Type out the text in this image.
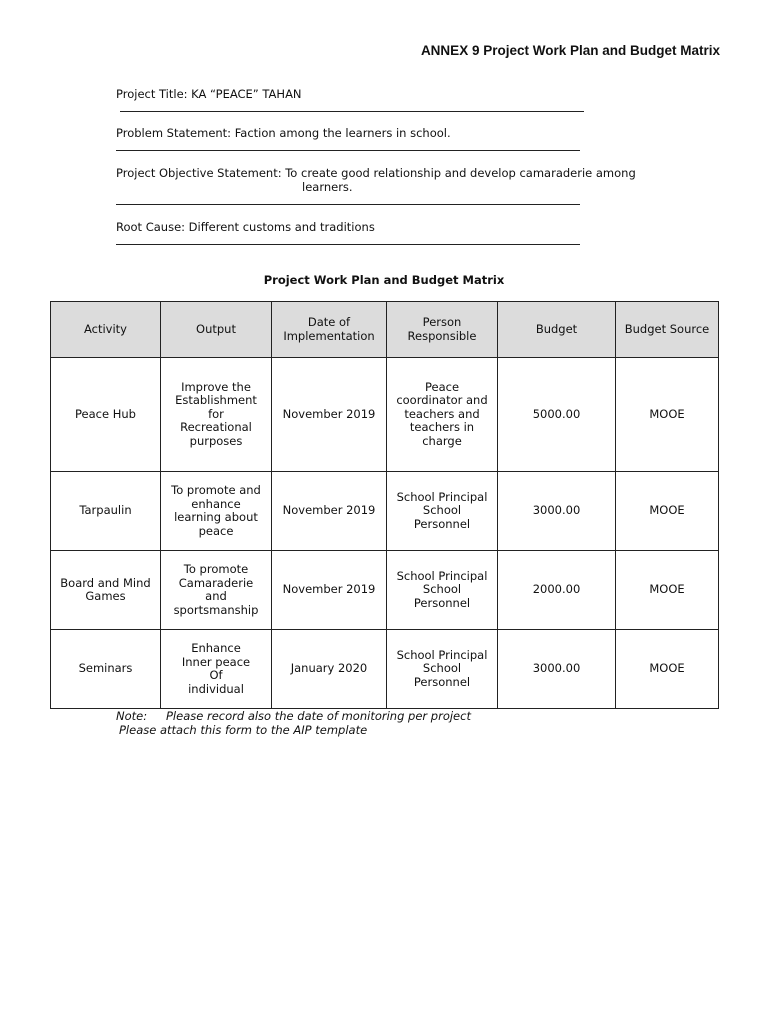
ANNEX 9 Project Work Plan and Budget Matrix
Project Title: KA “PEACE” TAHAN
Problem Statement: Faction among the learners in school.
Project Objective Statement: To create good relationship and develop camaraderie among
learners.
Root Cause: Different customs and traditions
Project Work Plan and Budget Matrix
Activity	Output	Date of
Implementation	Person
Responsible	Budget	Budget Source

Peace Hub	Improve the
Establishment
for
Recreational
purposes	November 2019	Peace
coordinator and
teachers and
teachers in
charge	5000.00	MOOE

Tarpaulin	To promote and
enhance
learning about
peace	November 2019	School Principal
School
Personnel	3000.00	MOOE

Board and Mind
Games	To promote
Camaraderie
and
sportsmanship	November 2019	School Principal
School
Personnel	2000.00	MOOE

Seminars	Enhance
Inner peace
Of
individual	January 2020	School Principal
School
Personnel	3000.00	MOOE
Note: Please record also the date of monitoring per project
Please attach this form to the AIP template
